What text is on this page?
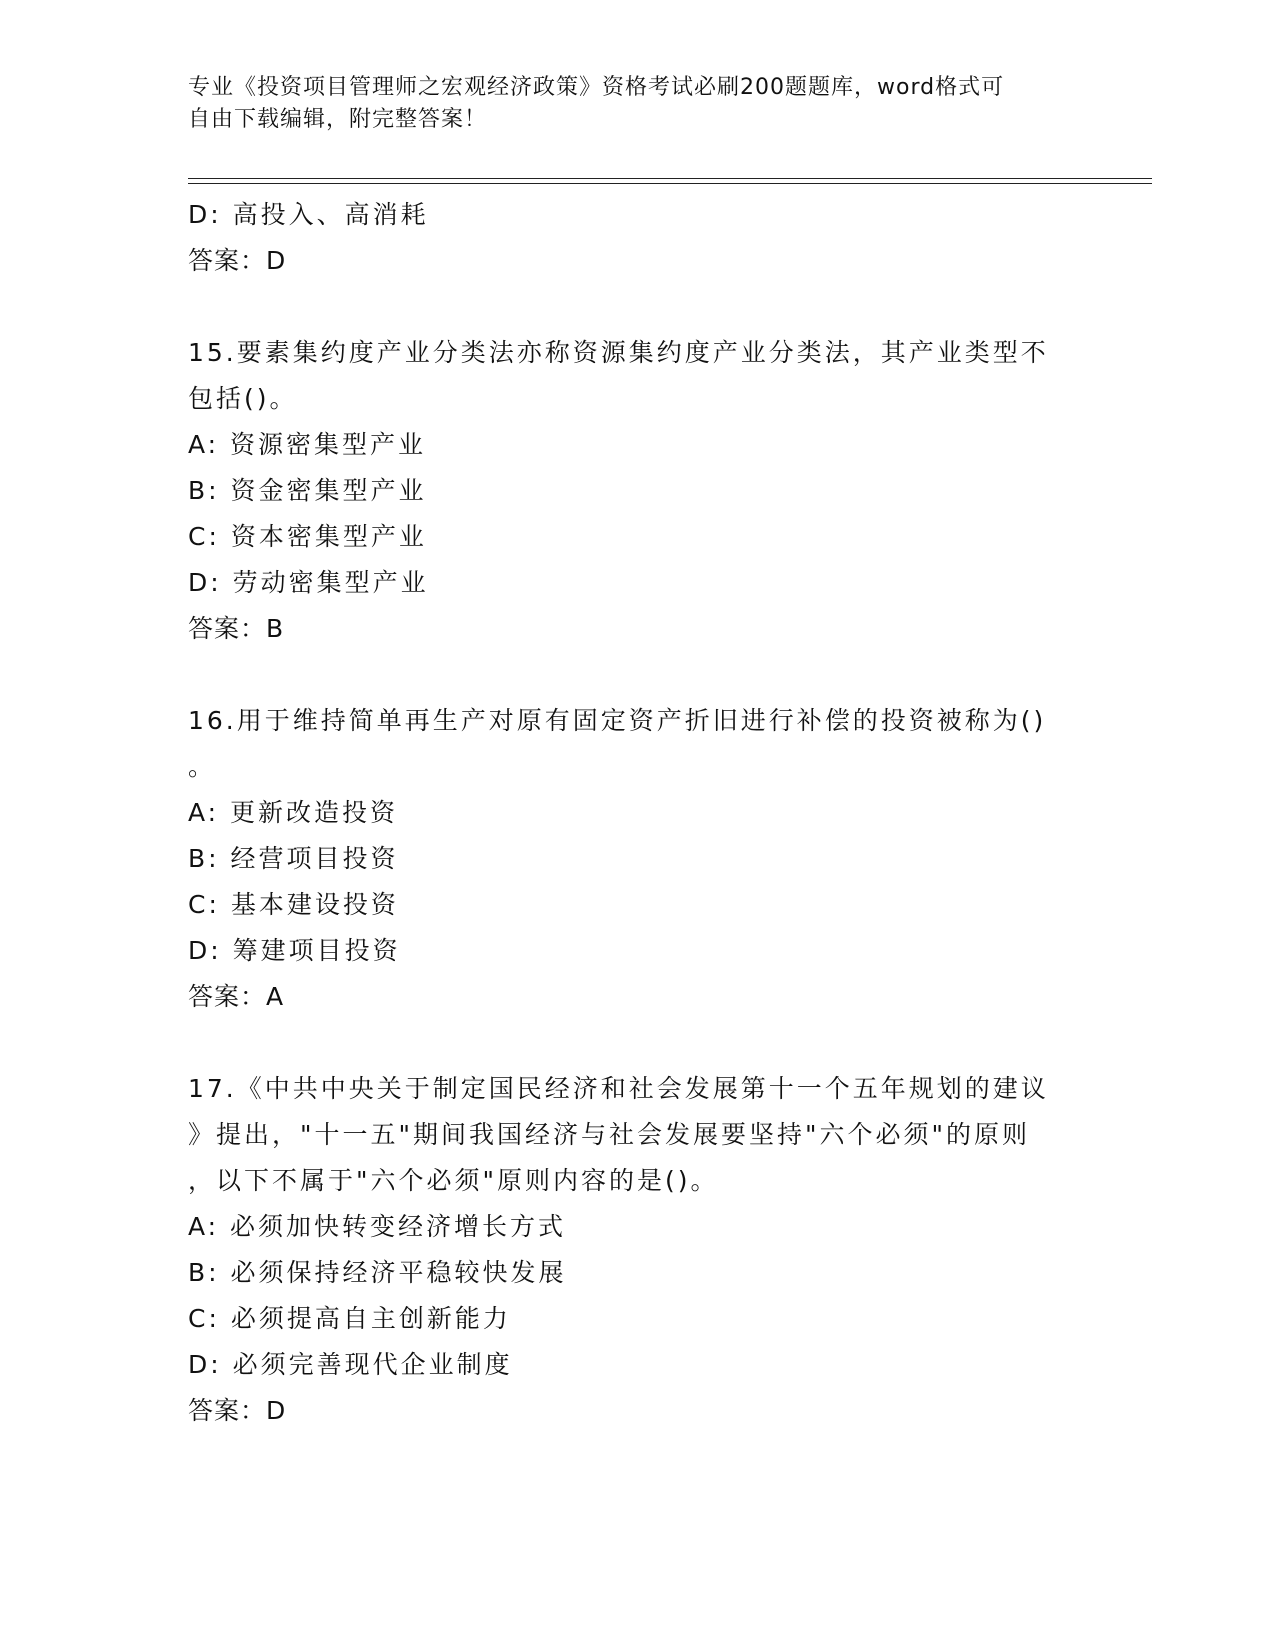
专业《投资项目管理师之宏观经济政策》资格考试必刷200题题库，word格式可
自由下载编辑，附完整答案！
D: 高投入、高消耗
答案：D
15.要素集约度产业分类法亦称资源集约度产业分类法，其产业类型不
包括()。
A: 资源密集型产业
B: 资金密集型产业
C: 资本密集型产业
D: 劳动密集型产业
答案：B
16.用于维持简单再生产对原有固定资产折旧进行补偿的投资被称为()
。
A: 更新改造投资
B: 经营项目投资
C: 基本建设投资
D: 筹建项目投资
答案：A
17.《中共中央关于制定国民经济和社会发展第十一个五年规划的建议
》提出，"十一五"期间我国经济与社会发展要坚持"六个必须"的原则
，以下不属于"六个必须"原则内容的是()。
A: 必须加快转变经济增长方式
B: 必须保持经济平稳较快发展
C: 必须提高自主创新能力
D: 必须完善现代企业制度
答案：D
